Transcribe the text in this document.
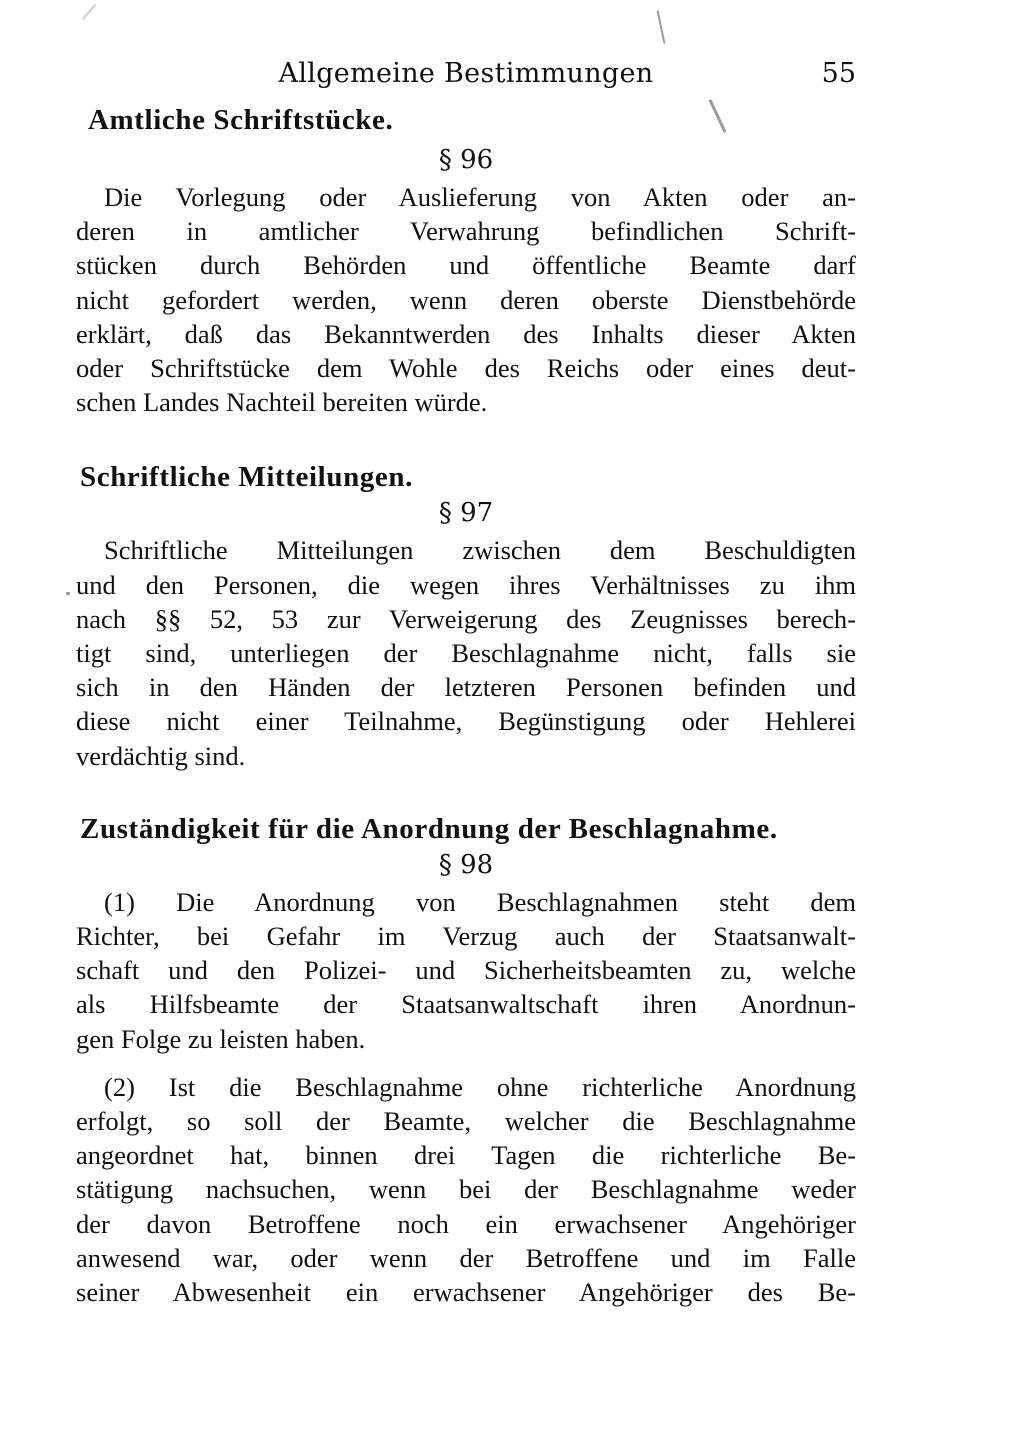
Allgemeine Bestimmungen	55
Amtliche Schriftstücke.

§ 96

Die Vorlegung oder Auslieferung von Akten oder an-
deren in amtlicher Verwahrung befindlichen Schrift-
stücken durch Behörden und öffentliche Beamte darf
nicht gefordert werden, wenn deren oberste Dienstbehörde
erklärt, daß das Bekanntwerden des Inhalts dieser Akten
oder Schriftstücke dem Wohle des Reichs oder eines deut-
schen Landes Nachteil bereiten würde.
Schriftliche Mitteilungen.

§ 97

Schriftliche Mitteilungen zwischen dem Beschuldigten
und den Personen, die wegen ihres Verhältnisses zu ihm
nach §§ 52, 53 zur Verweigerung des Zeugnisses berech-
tigt sind, unterliegen der Beschlagnahme nicht, falls sie
sich in den Händen der letzteren Personen befinden und
diese nicht einer Teilnahme, Begünstigung oder Hehlerei
verdächtig sind.
Zuständigkeit für die Anordnung der Beschlagnahme.

§ 98

(1) Die Anordnung von Beschlagnahmen steht dem
Richter, bei Gefahr im Verzug auch der Staatsanwalt-
schaft und den Polizei- und Sicherheitsbeamten zu, welche
als Hilfsbeamte der Staatsanwaltschaft ihren Anordnun-
gen Folge zu leisten haben.
(2) Ist die Beschlagnahme ohne richterliche Anordnung
erfolgt, so soll der Beamte, welcher die Beschlagnahme
angeordnet hat, binnen drei Tagen die richterliche Be-
stätigung nachsuchen, wenn bei der Beschlagnahme weder
der davon Betroffene noch ein erwachsener Angehöriger
anwesend war, oder wenn der Betroffene und im Falle
seiner Abwesenheit ein erwachsener Angehöriger des Be-
